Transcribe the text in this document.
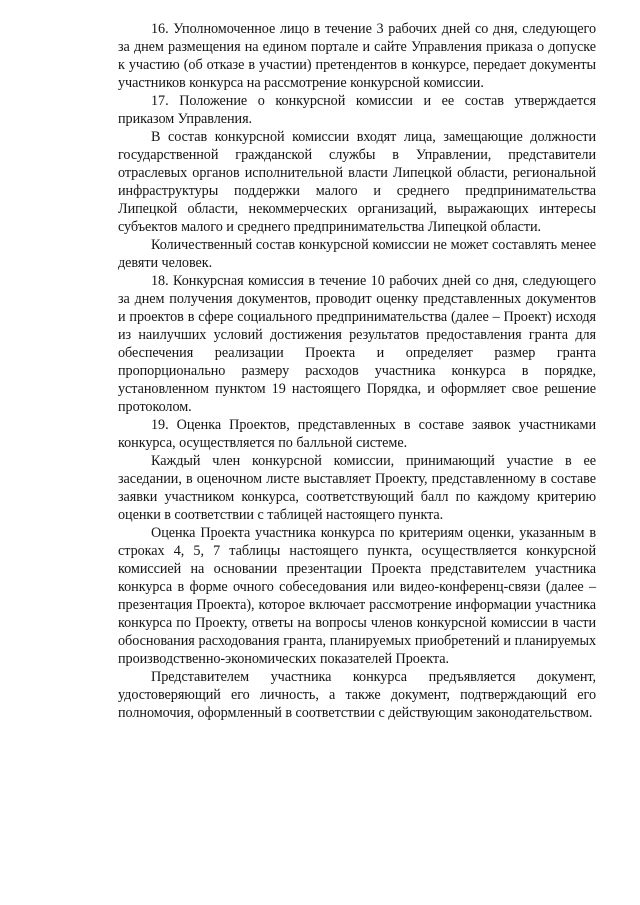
16. Уполномоченное лицо в течение 3 рабочих дней со дня, следующего за днем размещения на едином портале и сайте Управления приказа о допуске к участию (об отказе в участии) претендентов в конкурсе, передает документы участников конкурса на рассмотрение конкурсной комиссии.

17. Положение о конкурсной комиссии и ее состав утверждается приказом Управления.

В состав конкурсной комиссии входят лица, замещающие должности государственной гражданской службы в Управлении, представители отраслевых органов исполнительной власти Липецкой области, региональной инфраструктуры поддержки малого и среднего предпринимательства Липецкой области, некоммерческих организаций, выражающих интересы субъектов малого и среднего предпринимательства Липецкой области.

Количественный состав конкурсной комиссии не может составлять менее девяти человек.

18. Конкурсная комиссия в течение 10 рабочих дней со дня, следующего за днем получения документов, проводит оценку представленных документов и проектов в сфере социального предпринимательства (далее – Проект) исходя из наилучших условий достижения результатов предоставления гранта для обеспечения реализации Проекта и определяет размер гранта пропорционально размеру расходов участника конкурса в порядке, установленном пунктом 19 настоящего Порядка, и оформляет свое решение протоколом.

19. Оценка Проектов, представленных в составе заявок участниками конкурса, осуществляется по балльной системе.

Каждый член конкурсной комиссии, принимающий участие в ее заседании, в оценочном листе выставляет Проекту, представленному в составе заявки участником конкурса, соответствующий балл по каждому критерию оценки в соответствии с таблицей настоящего пункта.

Оценка Проекта участника конкурса по критериям оценки, указанным в строках 4, 5, 7 таблицы настоящего пункта, осуществляется конкурсной комиссией на основании презентации Проекта представителем участника конкурса в форме очного собеседования или видео-конференц-связи (далее – презентация Проекта), которое включает рассмотрение информации участника конкурса по Проекту, ответы на вопросы членов конкурсной комиссии в части обоснования расходования гранта, планируемых приобретений и планируемых производственно-экономических показателей Проекта.

Представителем участника конкурса предъявляется документ, удостоверяющий его личность, а также документ, подтверждающий его полномочия, оформленный в соответствии с действующим законодательством.
